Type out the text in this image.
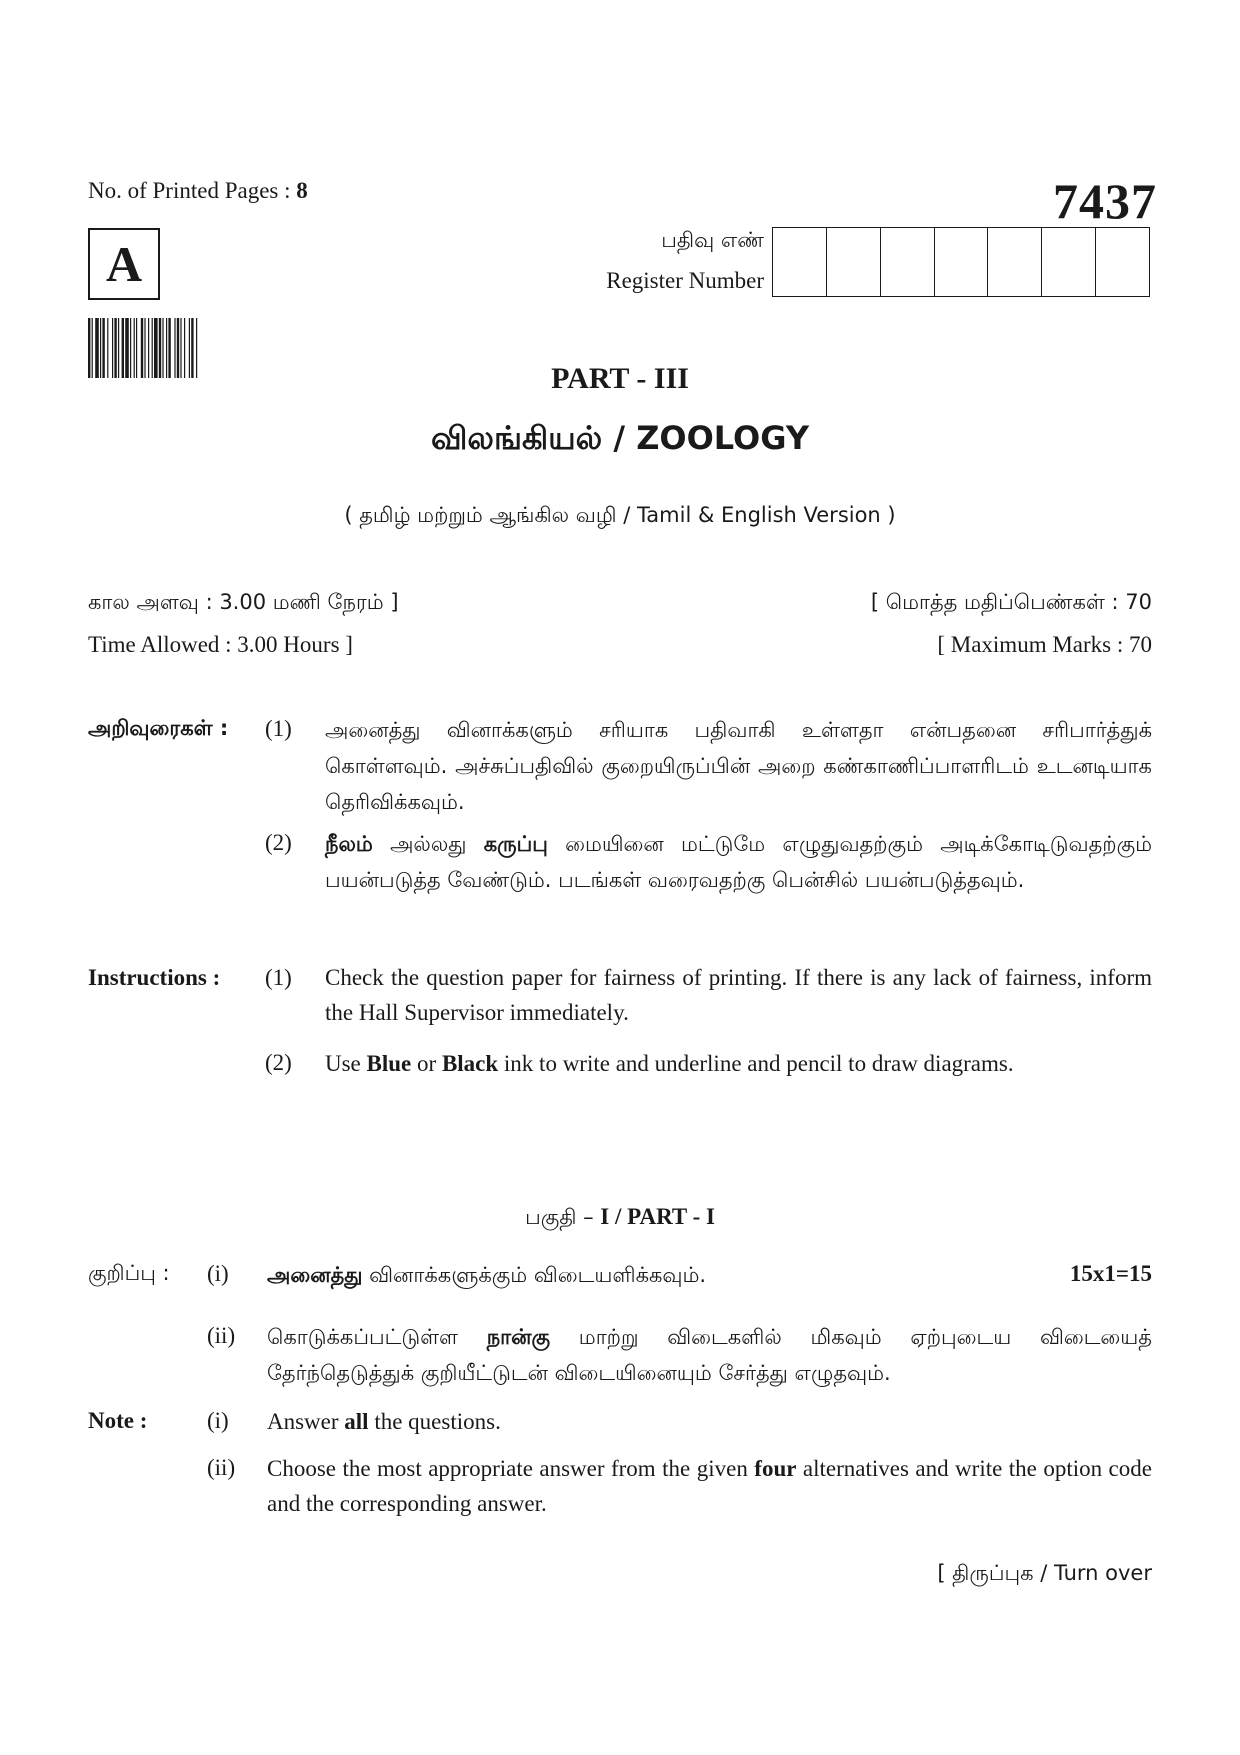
No. of Printed Pages : 8	7437
A	பதிவு எண்
Register Number
PART - III
விலங்கியல் / ZOOLOGY
( தமிழ் மற்றும் ஆங்கில வழி / Tamil & English Version )
கால அளவு : 3.00 மணி நேரம் ]	[ மொத்த மதிப்பெண்கள் : 70
Time Allowed : 3.00 Hours ]	[ Maximum Marks : 70
அறிவுரைகள் : (1) அனைத்து வினாக்களும் சரியாக பதிவாகி உள்ளதா என்பதனை சரிபார்த்துக் கொள்ளவும். அச்சுப்பதிவில் குறையிருப்பின் அறை கண்காணிப்பாளரிடம் உடனடியாக தெரிவிக்கவும்.
(2) நீலம் அல்லது கருப்பு மையினை மட்டுமே எழுதுவதற்கும் அடிக்கோடிடுவதற்கும் பயன்படுத்த வேண்டும். படங்கள் வரைவதற்கு பென்சில் பயன்படுத்தவும்.
Instructions : (1) Check the question paper for fairness of printing. If there is any lack of fairness, inform the Hall Supervisor immediately.
(2) Use Blue or Black ink to write and underline and pencil to draw diagrams.
பகுதி – I / PART - I
குறிப்பு : (i) அனைத்து வினாக்களுக்கும் விடையளிக்கவும்.	15x1=15
(ii) கொடுக்கப்பட்டுள்ள நான்கு மாற்று விடைகளில் மிகவும் ஏற்புடைய விடையைத் தேர்ந்தெடுத்துக் குறியீட்டுடன் விடையினையும் சேர்த்து எழுதவும்.
Note :	(i) Answer all the questions.
(ii) Choose the most appropriate answer from the given four alternatives and write the option code and the corresponding answer.
[ திருப்புக / Turn over
